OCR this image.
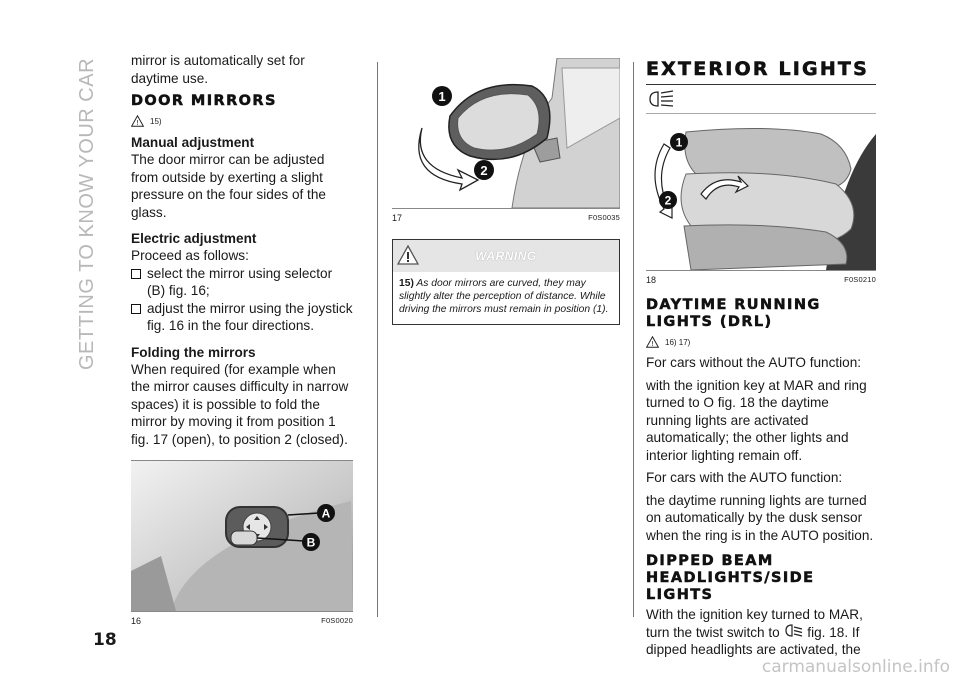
GETTING TO KNOW YOUR CAR
18
carmanualsonline.info

mirror is automatically set for daytime use.

DOOR MIRRORS
! 15)
Manual adjustment

The door mirror can be adjusted from outside by exerting a slight pressure on the four sides of the glass.

Electric adjustment

Proceed as follows:

select the mirror using selector (B) fig. 16;

adjust the mirror using the joystick fig. 16 in the four directions.

Folding the mirrors

When required (for example when the mirror causes difficulty in narrow spaces) it is possible to fold the mirror by moving it from position 1 fig. 17 (open), to position 2 (closed).

A
B
16	F0S0020
1
2
17	F0S0035
WARNING
15) As door mirrors are curved, they may slightly alter the perception of distance. While driving the mirrors must remain in position (1).
EXTERIOR LIGHTS
1
2
18	F0S0210
DAYTIME RUNNING LIGHTS (DRL)
! 16) 17)

For cars without the AUTO function:

with the ignition key at MAR and ring turned to O fig. 18 the daytime running lights are activated automatically; the other lights and interior lighting remain off.

For cars with the AUTO function:

the daytime running lights are turned on automatically by the dusk sensor when the ring is in the AUTO position.

DIPPED BEAM HEADLIGHTS/SIDE LIGHTS

With the ignition key turned to MAR, turn the twist switch to fig. 18. If dipped headlights are activated, the
